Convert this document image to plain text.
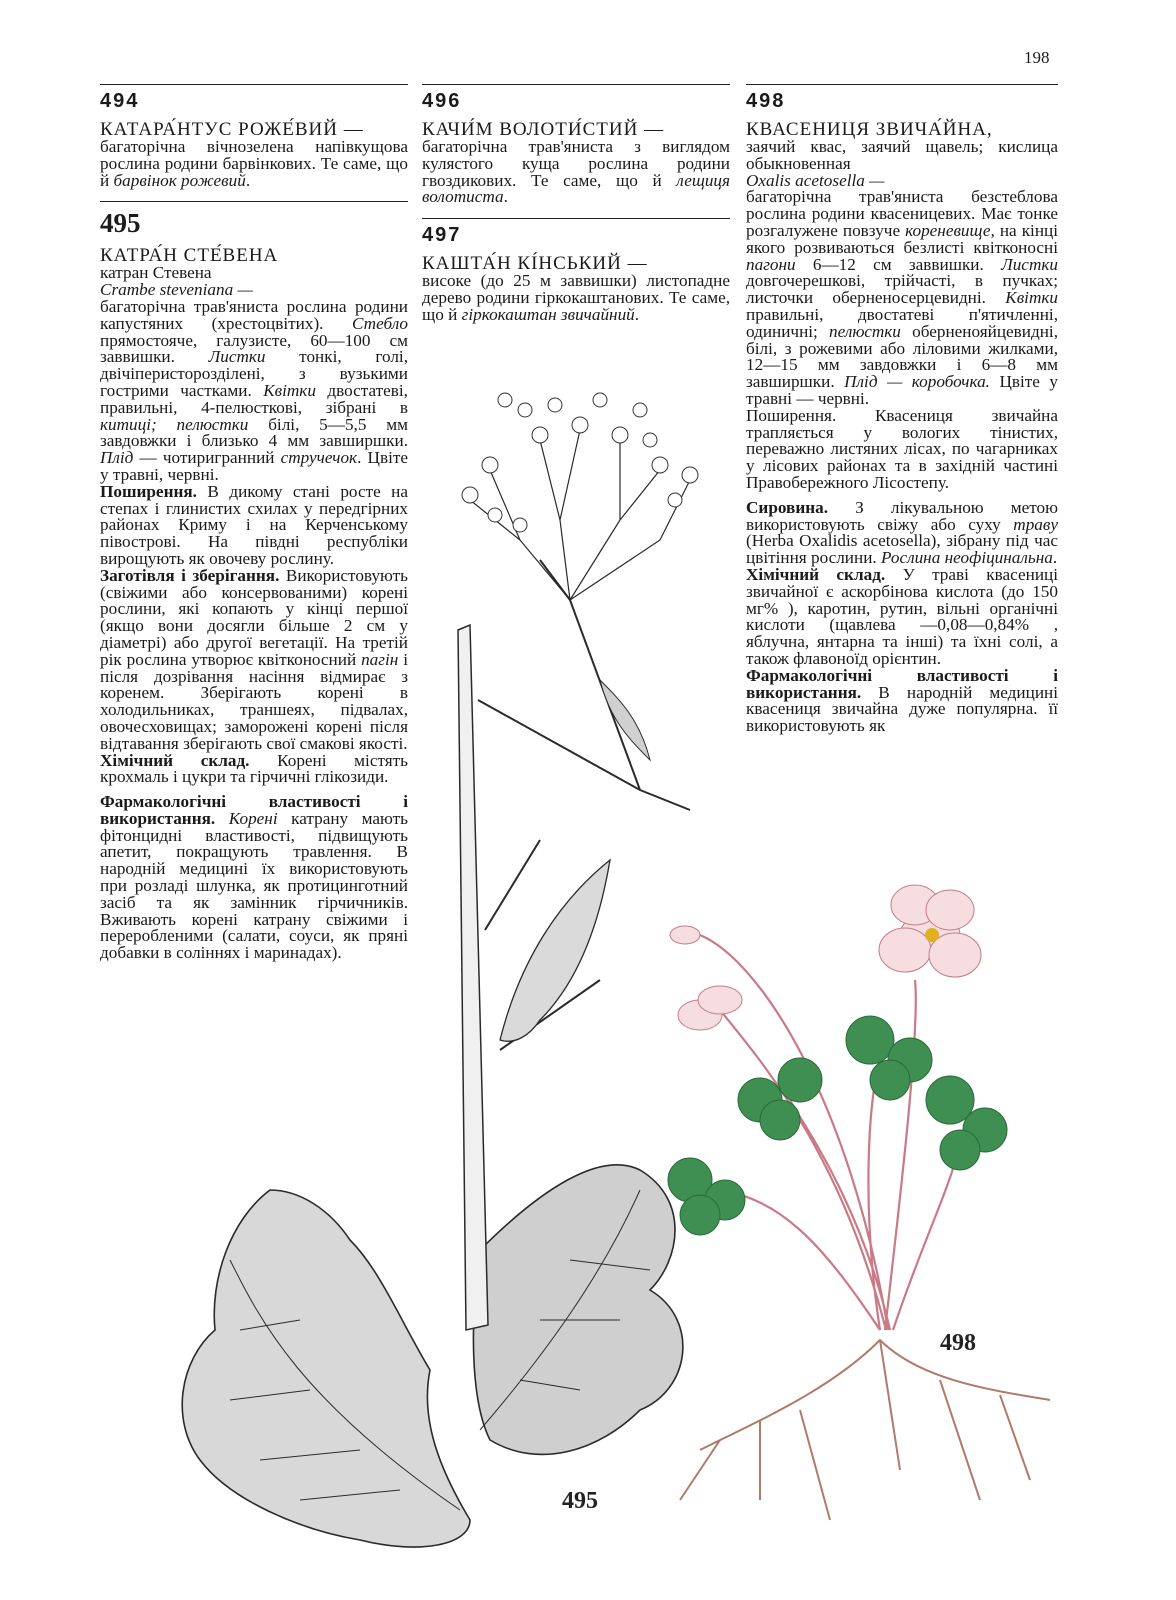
198
495
498
494
КАТАРА́НТУС РОЖЕ́ВИЙ —
багаторічна вічнозелена напівкущова рослина родини барвінкових. Те саме, що й барвінок рожевий.
495
КАТРА́Н СТЕ́ВЕНА
катран Стевена
Crambe steveniana —
багаторічна трав'яниста рослина родини капустяних (хрестоцвітих). Стебло прямостояче, галузисте, 60—100 см заввишки. Листки тонкі, голі, двічіперисторозділені, з вузькими гострими частками. Квітки двостатеві, правильні, 4-пелюсткові, зібрані в китиці; пелюстки білі, 5—5,5 мм завдовжки і близько 4 мм завширшки. Плід — чотиригранний стручечок. Цвіте у травні, червні.
Поширення. В дикому стані росте на степах і глинистих схилах у передгірних районах Криму і на Керченському півострові. На півдні республіки вирощують як овочеву рослину.
Заготівля і зберігання. Використовують (свіжими або консервованими) корені рослини, які копають у кінці першої (якщо вони досягли більше 2 см у діаметрі) або другої вегетації. На третій рік рослина утворює квітконосний пагін і після дозрівання насіння відмирає з коренем. Зберігають корені в холодильниках, траншеях, підвалах, овочесховищах; заморожені корені після відтавання зберігають свої смакові якості.
Хімічний склад. Корені містять крохмаль і цукри та гірчичні глікозиди.
Фармакологічні властивості і використання. Корені катрану мають фітонцидні властивості, підвищують апетит, покращують травлення. В народній медицині їх використовують при розладі шлунка, як протицинготний засіб та як замінник гірчичників. Вживають корені катрану свіжими і переробленими (салати, соуси, як пряні добавки в соліннях і маринадах).
496
КАЧИ́М ВОЛОТИ́СТИЙ —
багаторічна трав'яниста з виглядом кулястого куща рослина родини гвоздикових. Те саме, що й лещиця волотиста.
497
КАШТА́Н КІ́НСЬКИЙ —
високе (до 25 м заввишки) листопадне дерево родини гіркокаштанових. Те саме, що й гіркокаштан звичайний.
498
КВАСЕНИЦЯ ЗВИЧА́ЙНА,
заячий квас, заячий щавель; кислица обыкновенная
Oxalis acetosella —
багаторічна трав'яниста безстеблова рослина родини квасеницевих. Має тонке розгалужене повзуче кореневище, на кінці якого розвиваються безлисті квітконосні пагони 6—12 см заввишки. Листки довгочерешкові, трійчасті, в пучках; листочки оберненосерцевидні. Квітки правильні, двостатеві п'ятичленні, одиничні; пелюстки оберненояйцевидні, білі, з рожевими або ліловими жилками, 12—15 мм завдовжки і 6—8 мм завширшки. Плід — коробочка. Цвіте у травні — червні.
Поширення. Квасениця звичайна трапляється у вологих тінистих, переважно листяних лісах, по чагарниках у лісових районах та в західній частині Правобережного Лісостепу.
Сировина. З лікувальною метою використовують свіжу або суху траву (Herba Oxalidis acetosella), зібрану під час цвітіння рослини. Рослина неофіцинальна.
Хімічний склад. У траві квасениці звичайної є аскорбінова кислота (до 150 мг% ), каротин, рутин, вільні органічні кислоти (щавлева —0,08—0,84% , яблучна, янтарна та інші) та їхні солі, а також флавоноїд орієнтин.
Фармакологічні властивості і використання. В народній медицині квасениця звичайна дуже популярна. її використовують як
